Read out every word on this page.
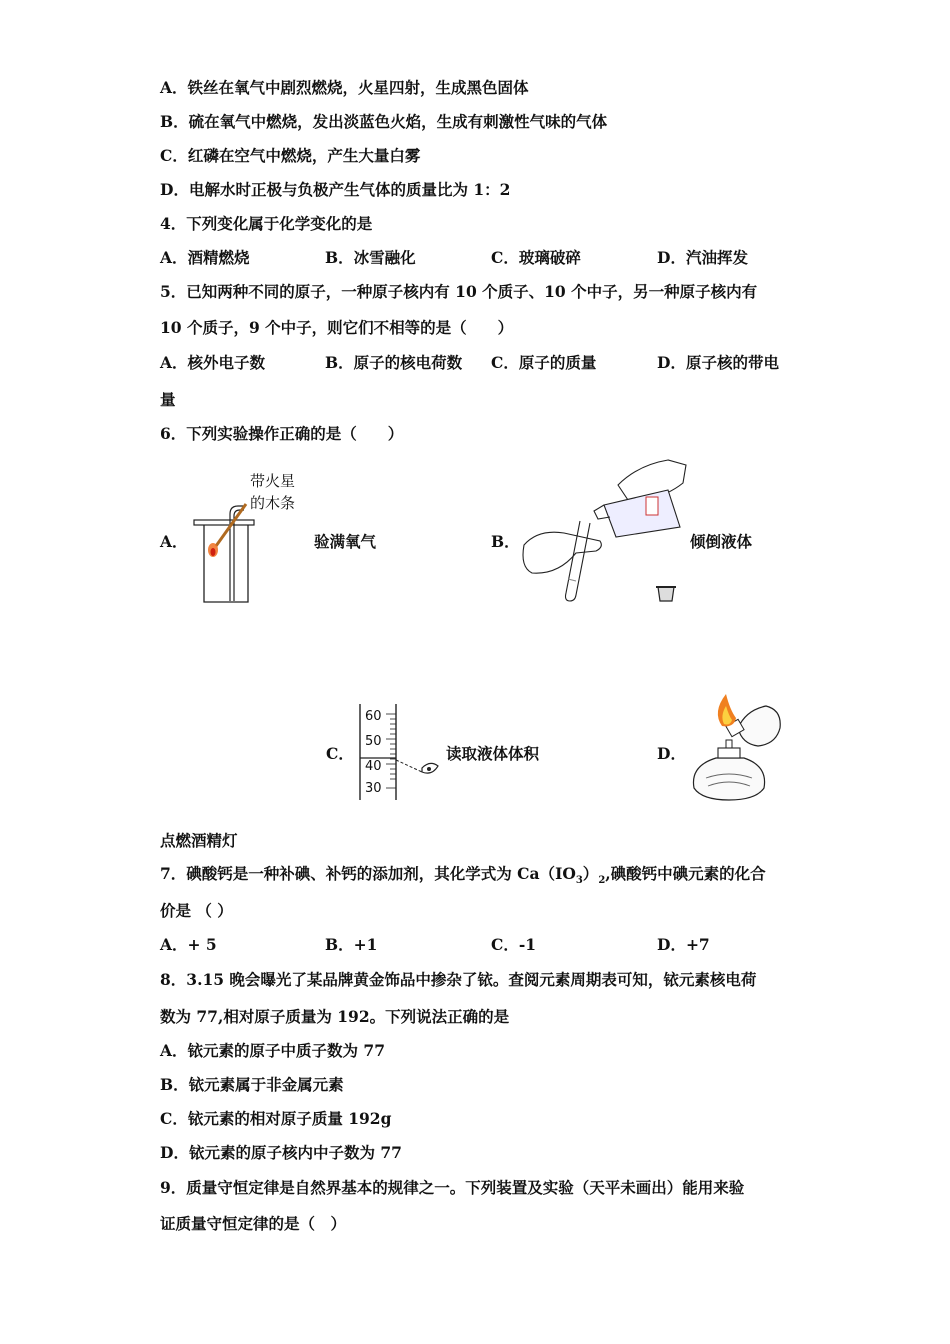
A．铁丝在氧气中剧烈燃烧，火星四射，生成黑色固体
B．硫在氧气中燃烧，发出淡蓝色火焰，生成有刺激性气味的气体
C．红磷在空气中燃烧，产生大量白雾
D．电解水时正极与负极产生气体的质量比为 1：2
4．下列变化属于化学变化的是
A．酒精燃烧	B．冰雪融化	C．玻璃破碎	D．汽油挥发
5．已知两种不同的原子，一种原子核内有 10 个质子、10 个中子，另一种原子核内有
10 个质子，9 个中子，则它们不相等的是（　　）
A．核外电子数	B．原子的核电荷数 C．原子的质量	D．原子核的带电
量
6．下列实验操作正确的是（　　）
A．
带火星
的木条
验满氧气	B．	倾倒液体
C．
60
50
40
30
读取液体体积	D．
点燃酒精灯
7．碘酸钙是一种补碘、补钙的添加剂，其化学式为 $Ca(IO_3)_2$,碘酸钙中碘元素的化合
价是 （ ）
A．+ 5	B．+1	C．-1	D．+7
8．3.15 晚会曝光了某品牌黄金饰品中掺杂了铱。查阅元素周期表可知，铱元素核电荷
数为 77,相对原子质量为 192。下列说法正确的是
A．铱元素的原子中质子数为 77
B．铱元素属于非金属元素
C．铱元素的相对原子质量 192g
D．铱元素的原子核内中子数为 77
9．质量守恒定律是自然界基本的规律之一。下列装置及实验（天平未画出）能用来验
证质量守恒定律的是（　）
